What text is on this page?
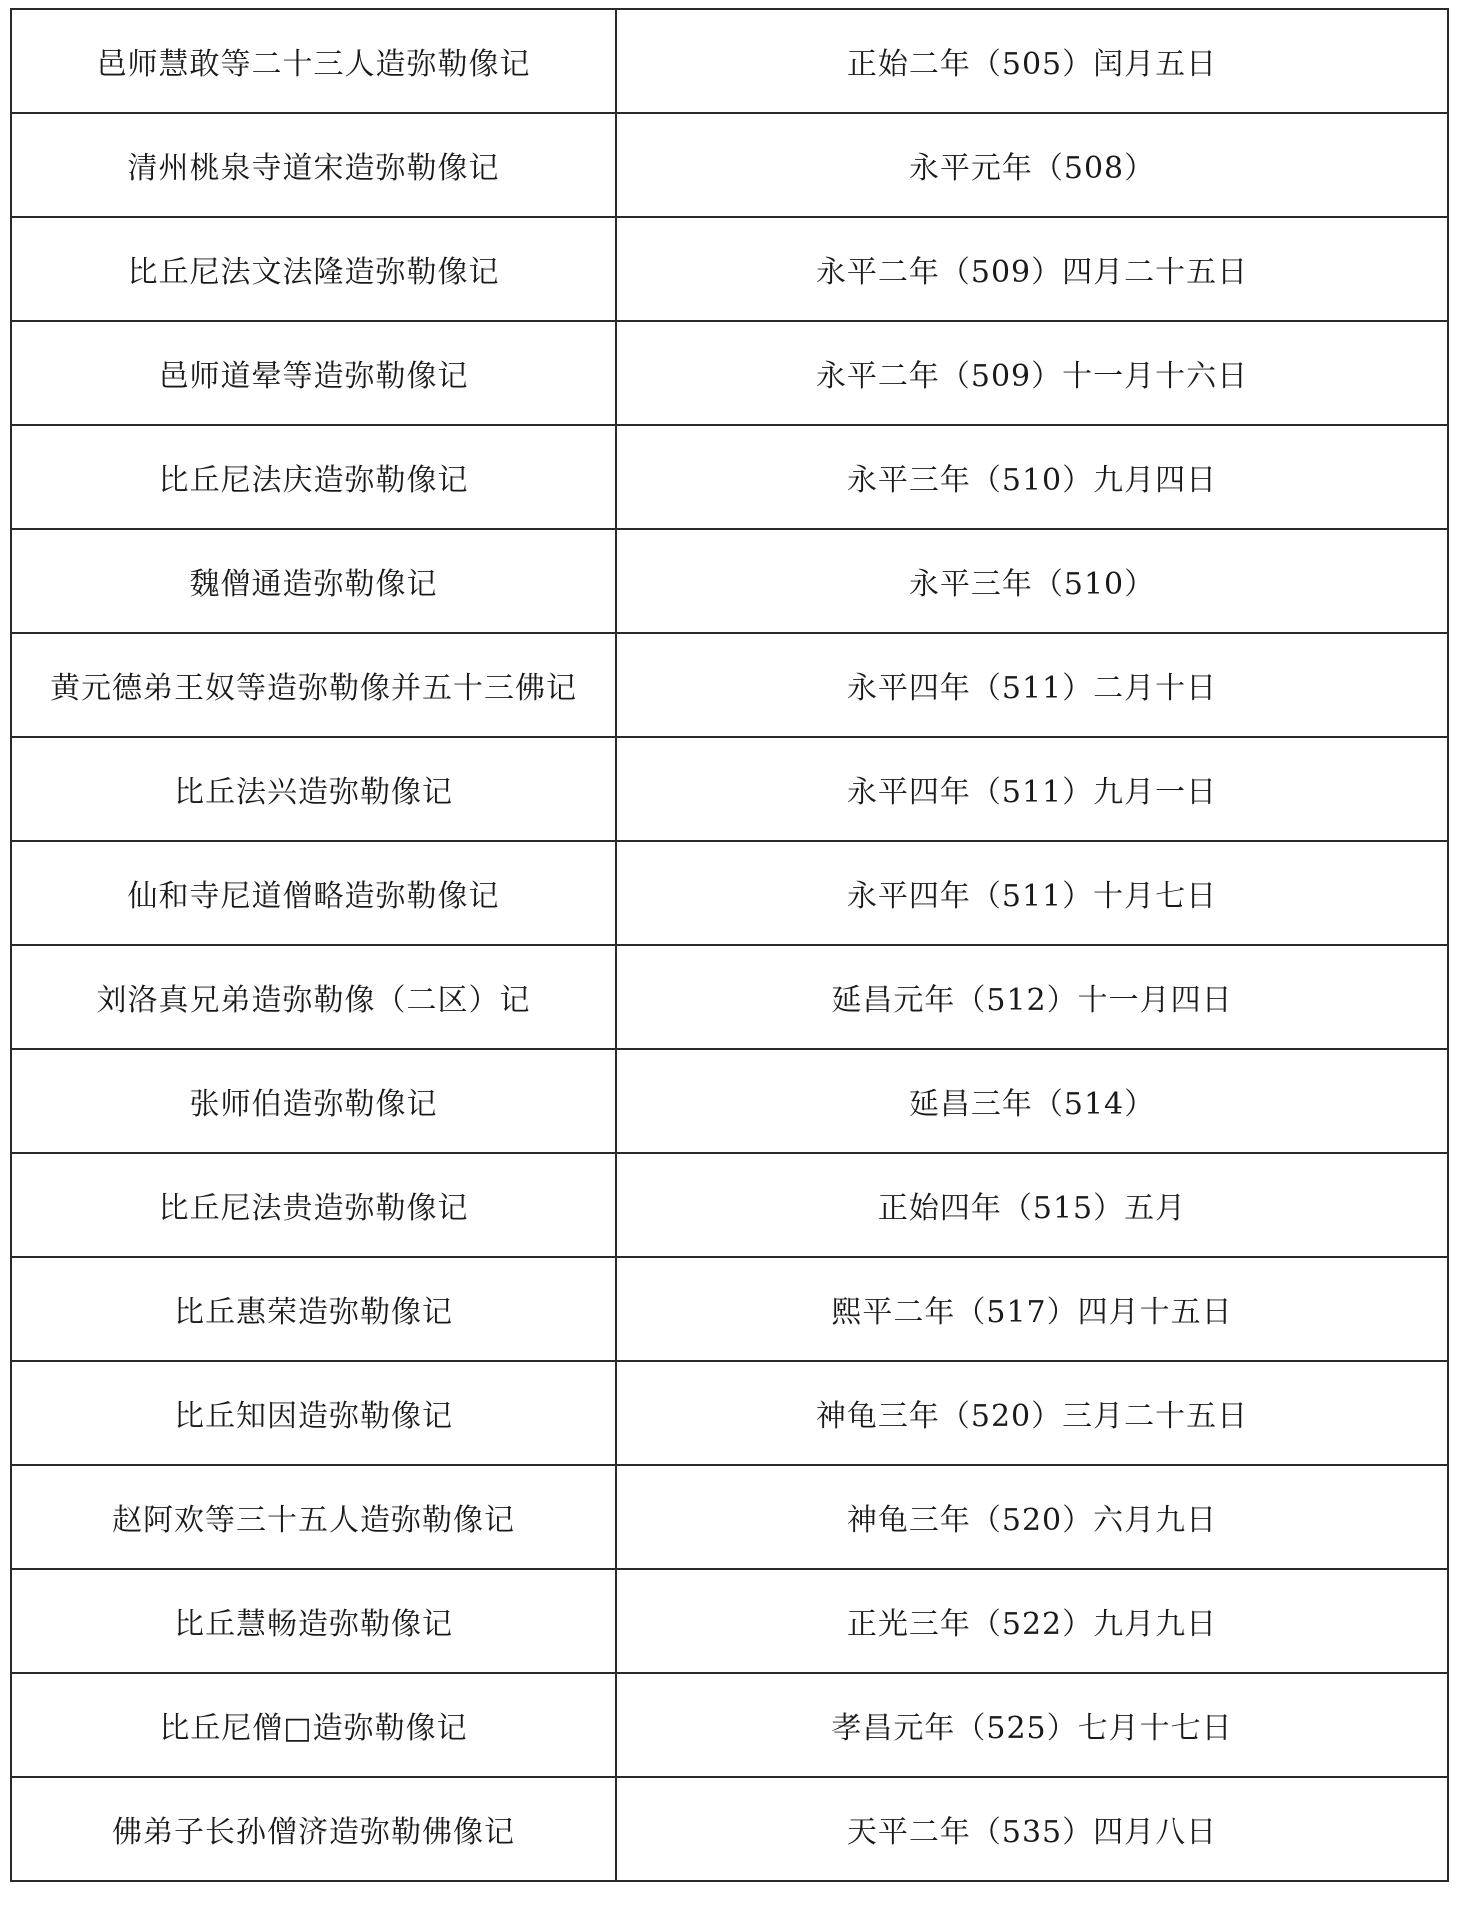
邑师慧敢等二十三人造弥勒像记	正始二年（505）闰月五日
清州桃泉寺道宋造弥勒像记	永平元年（508）
比丘尼法文法隆造弥勒像记	永平二年（509）四月二十五日
邑师道晕等造弥勒像记	永平二年（509）十一月十六日
比丘尼法庆造弥勒像记	永平三年（510）九月四日
魏僧通造弥勒像记	永平三年（510）
黄元德弟王奴等造弥勒像并五十三佛记	永平四年（511）二月十日
比丘法兴造弥勒像记	永平四年（511）九月一日
仙和寺尼道僧略造弥勒像记	永平四年（511）十月七日
刘洛真兄弟造弥勒像（二区）记	延昌元年（512）十一月四日
张师伯造弥勒像记	延昌三年（514）
比丘尼法贵造弥勒像记	正始四年（515）五月
比丘惠荣造弥勒像记	熙平二年（517）四月十五日
比丘知因造弥勒像记	神龟三年（520）三月二十五日
赵阿欢等三十五人造弥勒像记	神龟三年（520）六月九日
比丘慧畅造弥勒像记	正光三年（522）九月九日
比丘尼僧□造弥勒像记	孝昌元年（525）七月十七日
佛弟子长孙僧济造弥勒佛像记	天平二年（535）四月八日
